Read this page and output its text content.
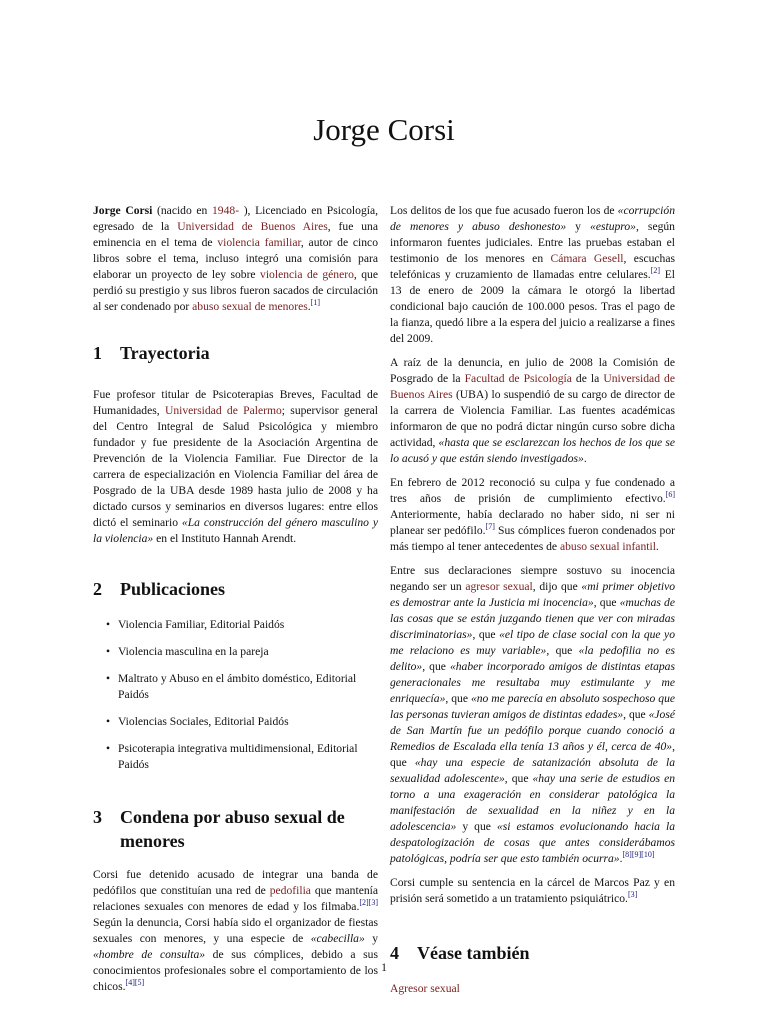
Jorge Corsi

Jorge Corsi (nacido en 1948- ), Licenciado en Psicología, egresado de la Universidad de Buenos Aires, fue una eminencia en el tema de violencia familiar, autor de cinco libros sobre el tema, incluso integró una comisión para elaborar un proyecto de ley sobre violencia de género, que perdió su prestigio y sus libros fueron sacados de circulación al ser condenado por abuso sexual de menores.[1]

1	Trayectoria

Fue profesor titular de Psicoterapias Breves, Facultad de Humanidades, Universidad de Palermo; supervisor general del Centro Integral de Salud Psicológica y miembro fundador y fue presidente de la Asociación Argentina de Prevención de la Violencia Familiar. Fue Director de la carrera de especialización en Violencia Familiar del área de Posgrado de la UBA desde 1989 hasta julio de 2008 y ha dictado cursos y seminarios en diversos lugares: entre ellos dictó el seminario «La construcción del género masculino y la violencia» en el Instituto Hannah Arendt.

2	Publicaciones
• Violencia Familiar, Editorial Paidós
• Violencia masculina en la pareja
• Maltrato y Abuso en el ámbito doméstico, Editorial Paidós
• Violencias Sociales, Editorial Paidós
• Psicoterapia integrativa multidimensional, Editorial Paidós
3	Condena por abuso sexual de menores

Corsi fue detenido acusado de integrar una banda de pedófilos que constituían una red de pedofilia que mantenía relaciones sexuales con menores de edad y los filmaba.[2][3] Según la denuncia, Corsi había sido el organizador de fiestas sexuales con menores, y una especie de «cabecilla» y «hombre de consulta» de sus cómplices, debido a sus conocimientos profesionales sobre el comportamiento de los chicos.[4][5]

Los delitos de los que fue acusado fueron los de «corrupción de menores y abuso deshonesto» y «estupro», según informaron fuentes judiciales. Entre las pruebas estaban el testimonio de los menores en Cámara Gesell, escuchas telefónicas y cruzamiento de llamadas entre celulares.[2] El 13 de enero de 2009 la cámara le otorgó la libertad condicional bajo caución de 100.000 pesos. Tras el pago de la fianza, quedó libre a la espera del juicio a realizarse a fines del 2009.

A raíz de la denuncia, en julio de 2008 la Comisión de Posgrado de la Facultad de Psicología de la Universidad de Buenos Aires (UBA) lo suspendió de su cargo de director de la carrera de Violencia Familiar. Las fuentes académicas informaron de que no podrá dictar ningún curso sobre dicha actividad, «hasta que se esclarezcan los hechos de los que se lo acusó y que están siendo investigados».

En febrero de 2012 reconoció su culpa y fue condenado a tres años de prisión de cumplimiento efectivo.[6] Anteriormente, había declarado no haber sido, ni ser ni planear ser pedófilo.[7] Sus cómplices fueron condenados por más tiempo al tener antecedentes de abuso sexual infantil.

Entre sus declaraciones siempre sostuvo su inocencia negando ser un agresor sexual, dijo que «mi primer objetivo es demostrar ante la Justicia mi inocencia», que «muchas de las cosas que se están juzgando tienen que ver con miradas discriminatorias», que «el tipo de clase social con la que yo me relaciono es muy variable», que «la pedofilia no es delito», que «haber incorporado amigos de distintas etapas generacionales me resultaba muy estimulante y me enriquecía», que «no me parecía en absoluto sospechoso que las personas tuvieran amigos de distintas edades», que «José de San Martín fue un pedófilo porque cuando conoció a Remedios de Escalada ella tenía 13 años y él, cerca de 40», que «hay una especie de satanización absoluta de la sexualidad adolescente», que «hay una serie de estudios en torno a una exageración en considerar patológica la manifestación de sexualidad en la niñez y en la adolescencia» y que «si estamos evolucionando hacia la despatologización de cosas que antes considerábamos patológicas, podría ser que esto también ocurra».[8][9][10]

Corsi cumple su sentencia en la cárcel de Marcos Paz y en prisión será sometido a un tratamiento psiquiátrico.[3]

4	Véase también

Agresor sexual

1
